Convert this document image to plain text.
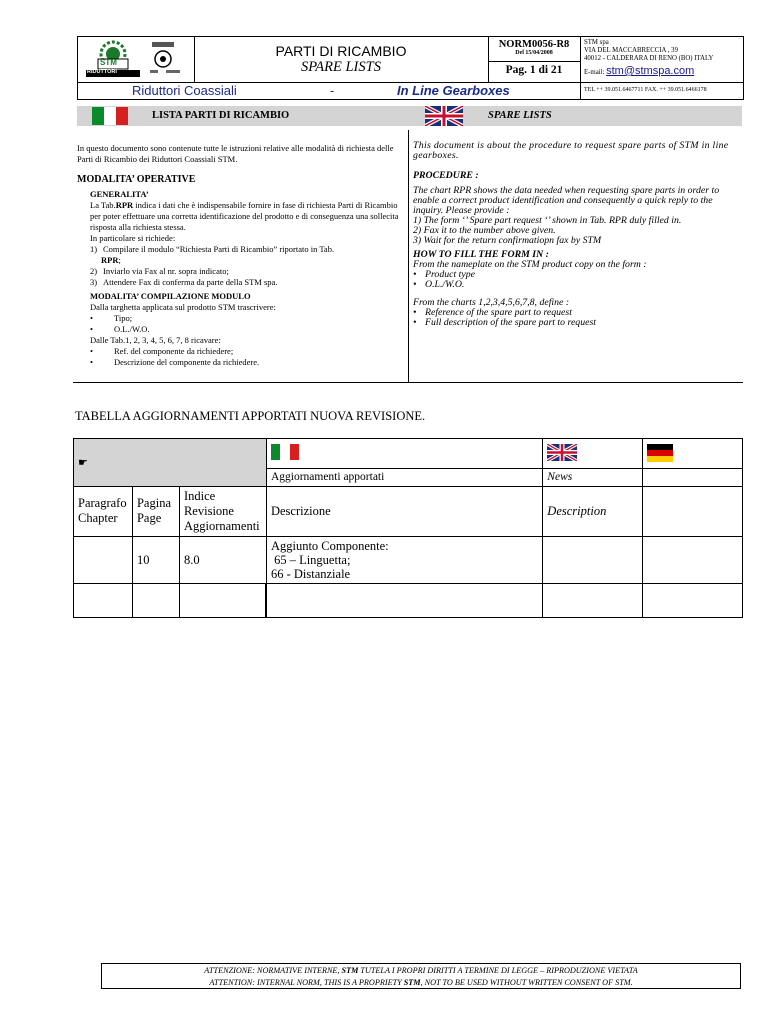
STM
RIDUTTORI
PARTI DI RICAMBIO
SPARE LISTS
NORM0056-R8
Del 15/04/2008
Pag. 1 di 21
STM spa
VIA DEL MACCABRECCIA , 39
40012 - CALDERARA DI RENO (BO) ITALY
E-mail: stm@stmspa.com
Riduttori Coassiali	-	In Line Gearboxes	TEL ++ 39.051.6467711 FAX. ++ 39.051.6466178
LISTA PARTI DI RICAMBIO	SPARE LISTS
In questo documento sono contenute tutte le istruzioni relative alle modalità di richiesta delle Parti di Ricambio dei Riduttori Coassiali STM.
MODALITA’ OPERATIVE
GENERALITA’
La Tab.RPR indica i dati che è indispensabile fornire in fase di richiesta Parti di Ricambio per poter effettuare una corretta identificazione del prodotto e di conseguenza una sollecita risposta alla richiesta stessa.
In particolare si richiede:
1) Compilare il modulo “Richiesta Parti di Ricambio” riportato in Tab.
RPR;
2) Inviarlo via Fax al nr. sopra indicato;
3) Attendere Fax di conferma da parte della STM spa.
MODALITA’ COMPILAZIONE MODULO
Dalla targhetta applicata sul prodotto STM trascrivere:
•	Tipo;
•	O.L./W.O.
Dalle Tab.1, 2, 3, 4, 5, 6, 7, 8 ricavare:
•	Ref. del componente da richiedere;
•	Descrizione del componente da richiedere.
This document is about the procedure to request spare parts of STM in line gearboxes.
PROCEDURE :
The chart RPR shows the data needed when requesting spare parts in order to enable a correct product identification and consequently a quick reply to the inquiry. Please provide :
1) The form ‘’ Spare part request ‘’ shown in Tab. RPR duly filled in.
2) Fax it to the number above given.
3) Wait for the return confirmatiopn fax by STM
HOW TO FILL THE FORM IN :
From the nameplate on the STM product copy on the form :
• Product type
• O.L./W.O.
From the charts 1,2,3,4,5,6,7,8, define :
• Reference of the spare part to request
• Full description of the spare part to request
TABELLA AGGIORNAMENTI APPORTATI NUOVA REVISIONE.
☛	

			Aggiornamenti apportati	News	
Paragrafo Chapter	Pagina Page	Indice Revisione Aggiornamenti	Descrizione	Description	
	10	8.0	Aggiunto Componente:
65 – Linguetta;
66 - Distanziale		

ATTENZIONE: NORMATIVE INTERNE, STM TUTELA I PROPRI DIRITTI A TERMINE DI LEGGE – RIPRODUZIONE VIETATA
ATTENTION: INTERNAL NORM, THIS IS A PROPRIETY STM, NOT TO BE USED WITHOUT WRITTEN CONSENT OF STM.
